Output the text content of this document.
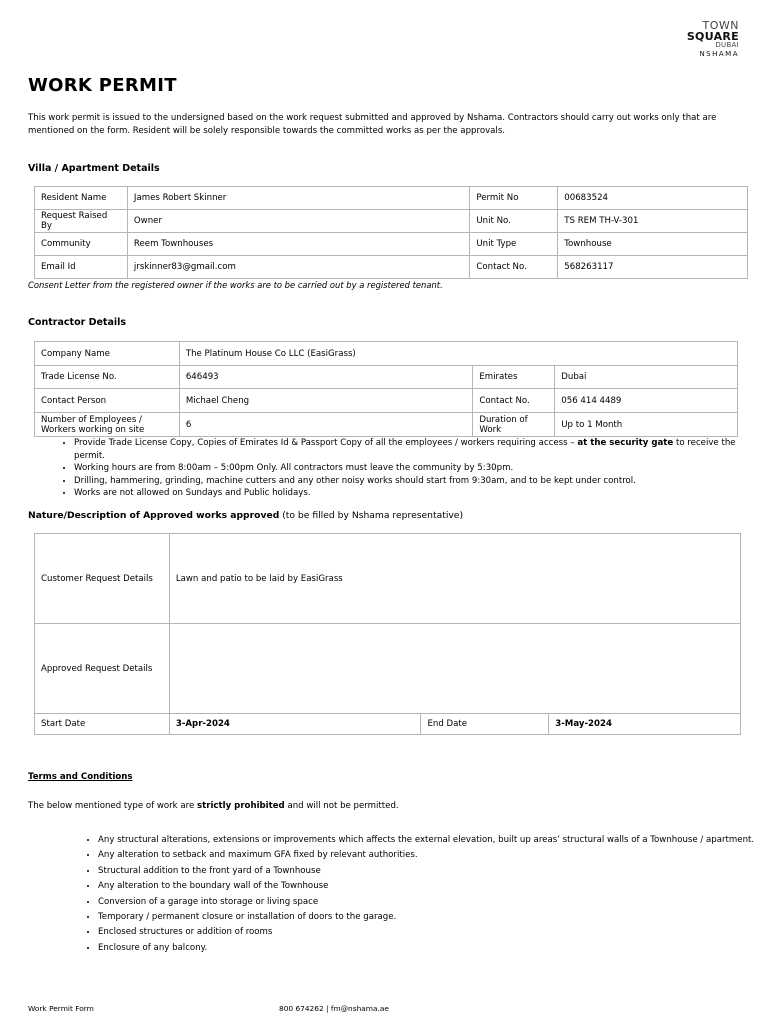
TOWN
SQUARE
DUBAI
NSHAMA
WORK PERMIT
This work permit is issued to the undersigned based on the work request submitted and approved by Nshama. Contractors should carry out works only that are mentioned on the form. Resident will be solely responsible towards the committed works as per the approvals.
Villa / Apartment Details
Resident Name	James Robert Skinner	Permit No	00683524
Request Raised By	Owner	Unit No.	TS REM TH-V-301
Community	Reem Townhouses	Unit Type	Townhouse
Email Id	jrskinner83@gmail.com	Contact No.	568263117
Consent Letter from the registered owner if the works are to be carried out by a registered tenant.
Contractor Details
Company Name	The Platinum House Co LLC (EasiGrass)		
Trade License No.	646493	Emirates	Dubai
Contact Person	Michael Cheng	Contact No.	056 414 4489
Number of Employees / Workers working on site	6	Duration of Work	Up to 1 Month
• Provide Trade License Copy, Copies of Emirates Id & Passport Copy of all the employees / workers requiring access – at the security gate to receive the permit.
• Working hours are from 8:00am – 5:00pm Only. All contractors must leave the community by 5:30pm.
• Drilling, hammering, grinding, machine cutters and any other noisy works should start from 9:30am, and to be kept under control.
• Works are not allowed on Sundays and Public holidays.
Nature/Description of Approved works approved (to be filled by Nshama representative)
Customer Request Details	Lawn and patio to be laid by EasiGrass		
Approved Request Details			
Start Date	3-Apr-2024	End Date	3-May-2024
Terms and Conditions
The below mentioned type of work are strictly prohibited and will not be permitted.
• Any structural alterations, extensions or improvements which affects the external elevation, built up areas’ structural walls of a Townhouse / apartment.
• Any alteration to setback and maximum GFA fixed by relevant authorities.
• Structural addition to the front yard of a Townhouse
• Any alteration to the boundary wall of the Townhouse
• Conversion of a garage into storage or living space
• Temporary / permanent closure or installation of doors to the garage.
• Enclosed structures or addition of rooms
• Enclosure of any balcony.
Work Permit Form	800 674262 | fm@nshama.ae
